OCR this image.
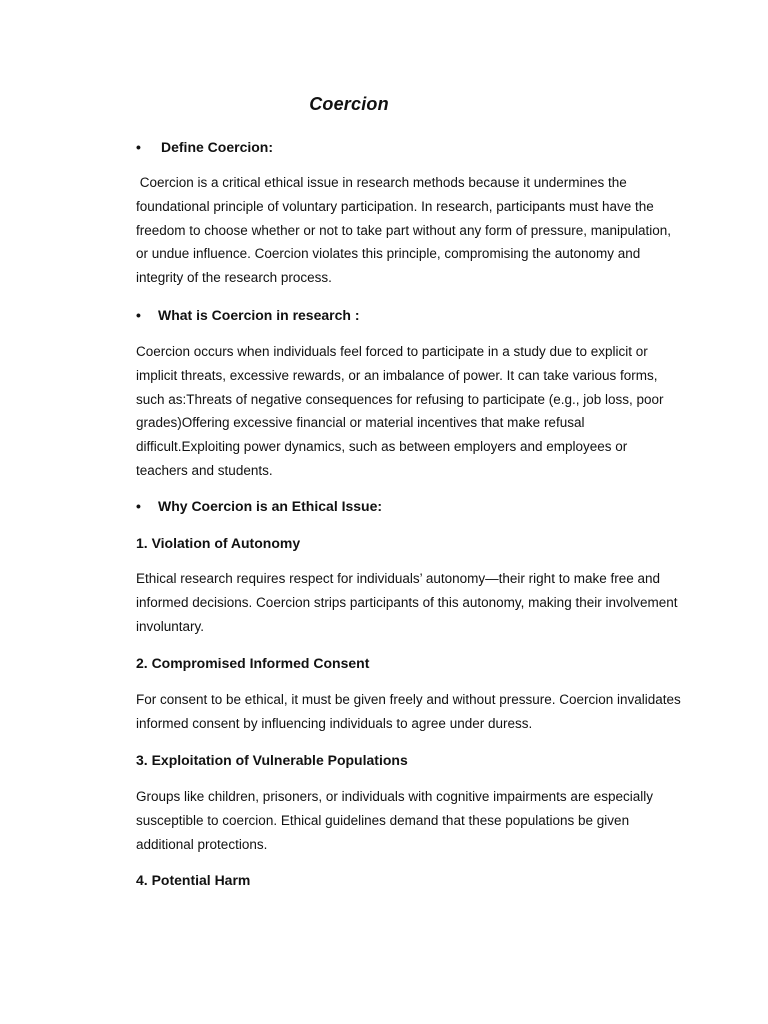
Coercion
•	Define Coercion:

Coercion is a critical ethical issue in research methods because it undermines the foundational principle of voluntary participation. In research, participants must have the freedom to choose whether or not to take part without any form of pressure, manipulation, or undue influence. Coercion violates this principle, compromising the autonomy and integrity of the research process.

•	What is Coercion in research :

Coercion occurs when individuals feel forced to participate in a study due to explicit or implicit threats, excessive rewards, or an imbalance of power. It can take various forms, such as:Threats of negative consequences for refusing to participate (e.g., job loss, poor grades)Offering excessive financial or material incentives that make refusal difficult.Exploiting power dynamics, such as between employers and employees or teachers and students.

•	Why Coercion is an Ethical Issue:
1. Violation of Autonomy

Ethical research requires respect for individuals’ autonomy—their right to make free and informed decisions. Coercion strips participants of this autonomy, making their involvement involuntary.

2. Compromised Informed Consent

For consent to be ethical, it must be given freely and without pressure. Coercion invalidates informed consent by influencing individuals to agree under duress.

3. Exploitation of Vulnerable Populations

Groups like children, prisoners, or individuals with cognitive impairments are especially susceptible to coercion. Ethical guidelines demand that these populations be given additional protections.

4. Potential Harm
